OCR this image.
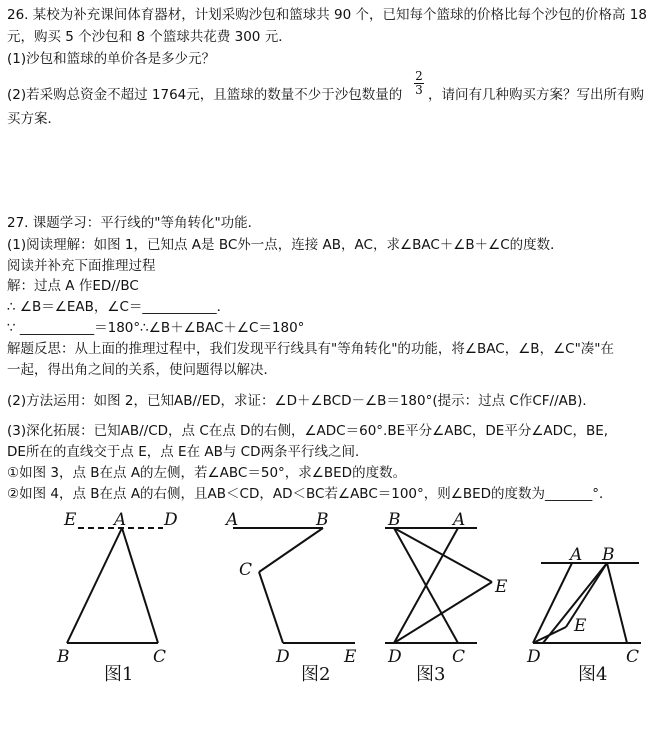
26. 某校为补充课间体育器材，计划采购沙包和篮球共 90 个，已知每个篮球的价格比每个沙包的价格高 18
元，购买 5 个沙包和 8 个篮球共花费 300 元．
(1)沙包和篮球的单价各是多少元？
(2)若采购总资金不超过 1764元，且篮球的数量不少于沙包数量的
2
3 ，请问有几种购买方案？写出所有购
买方案．
27. 课题学习：平行线的"等角转化"功能．
(1)阅读理解：如图 1，已知点 A是 BC外一点，连接 AB，AC，求∠BAC＋∠B＋∠C的度数．
阅读并补充下面推理过程
解：过点 A 作ED//BC
∴ ∠B＝∠EAB，∠C＝___________．
∵ ___________＝180°∴∠B＋∠BAC＋∠C＝180°
解题反思：从上面的推理过程中，我们发现平行线具有"等角转化"的功能，将∠BAC，∠B，∠C"凑"在
一起，得出角之间的关系，使问题得以解决．
(2)方法运用：如图 2，已知AB//ED，求证：∠D＋∠BCD－∠B＝180°(提示：过点 C作CF//AB)．
(3)深化拓展：已知AB//CD，点 C在点 D的右侧，∠ADC＝60°.BE平分∠ABC，DE平分∠ADC，BE,
DE所在的直线交于点 E，点 E在 AB与 CD两条平行线之间．
①如图 3，点 B在点 A的左侧，若∠ABC＝50°，求∠BED的度数。
②如图 4，点 B在点 A的右侧，且AB＜CD，AD＜BC若∠ABC＝100°，则∠BED的度数为_______°．
E A D
B	C
图1
A	B
C
D	E
图2
B	A
E
D	C
图3
A B
E
D	C
图4
